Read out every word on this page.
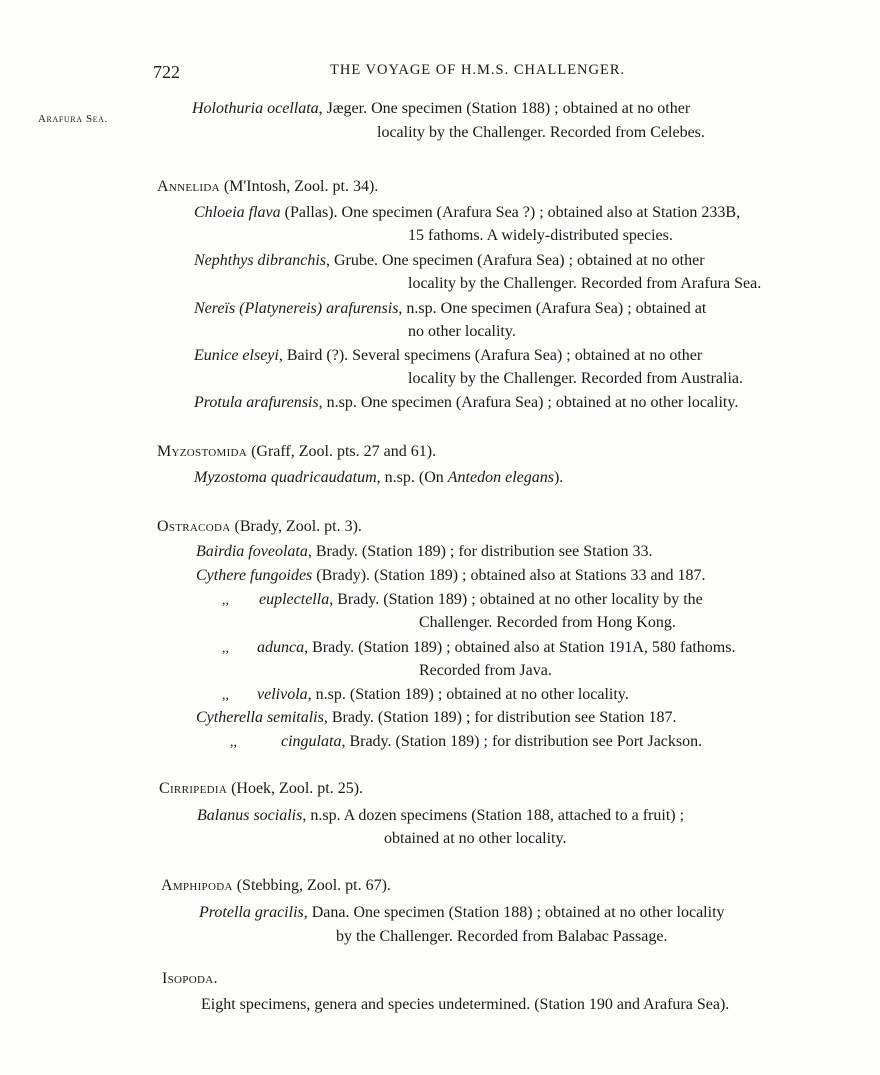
722	THE VOYAGE OF H.M.S. CHALLENGER.
Arafura Sea.
Holothuria ocellata, Jæger. One specimen (Station 188) ; obtained at no other
locality by the Challenger. Recorded from Celebes.
Annelida (M'Intosh, Zool. pt. 34).
Chloeia flava (Pallas). One specimen (Arafura Sea ?) ; obtained also at Station 233B,
15 fathoms. A widely-distributed species.
Nephthys dibranchis, Grube. One specimen (Arafura Sea) ; obtained at no other
locality by the Challenger. Recorded from Arafura Sea.
Nereïs (Platynereis) arafurensis, n.sp. One specimen (Arafura Sea) ; obtained at
no other locality.
Eunice elseyi, Baird (?). Several specimens (Arafura Sea) ; obtained at no other
locality by the Challenger. Recorded from Australia.
Protula arafurensis, n.sp. One specimen (Arafura Sea) ; obtained at no other locality.
Myzostomida (Graff, Zool. pts. 27 and 61).
Myzostoma quadricaudatum, n.sp. (On Antedon elegans).
Ostracoda (Brady, Zool. pt. 3).
Bairdia foveolata, Brady. (Station 189) ; for distribution see Station 33.
Cythere fungoides (Brady). (Station 189) ; obtained also at Stations 33 and 187.
,, euplectella, Brady. (Station 189) ; obtained at no other locality by the
Challenger. Recorded from Hong Kong.
,, adunca, Brady. (Station 189) ; obtained also at Station 191A, 580 fathoms.
Recorded from Java.
,, velivola, n.sp. (Station 189) ; obtained at no other locality.
Cytherella semitalis, Brady. (Station 189) ; for distribution see Station 187.
,,	cingulata, Brady. (Station 189) ; for distribution see Port Jackson.
Cirripedia (Hoek, Zool. pt. 25).
Balanus socialis, n.sp. A dozen specimens (Station 188, attached to a fruit) ;
obtained at no other locality.
Amphipoda (Stebbing, Zool. pt. 67).
Protella gracilis, Dana. One specimen (Station 188) ; obtained at no other locality
by the Challenger. Recorded from Balabac Passage.
Isopoda.
Eight specimens, genera and species undetermined. (Station 190 and Arafura Sea).
